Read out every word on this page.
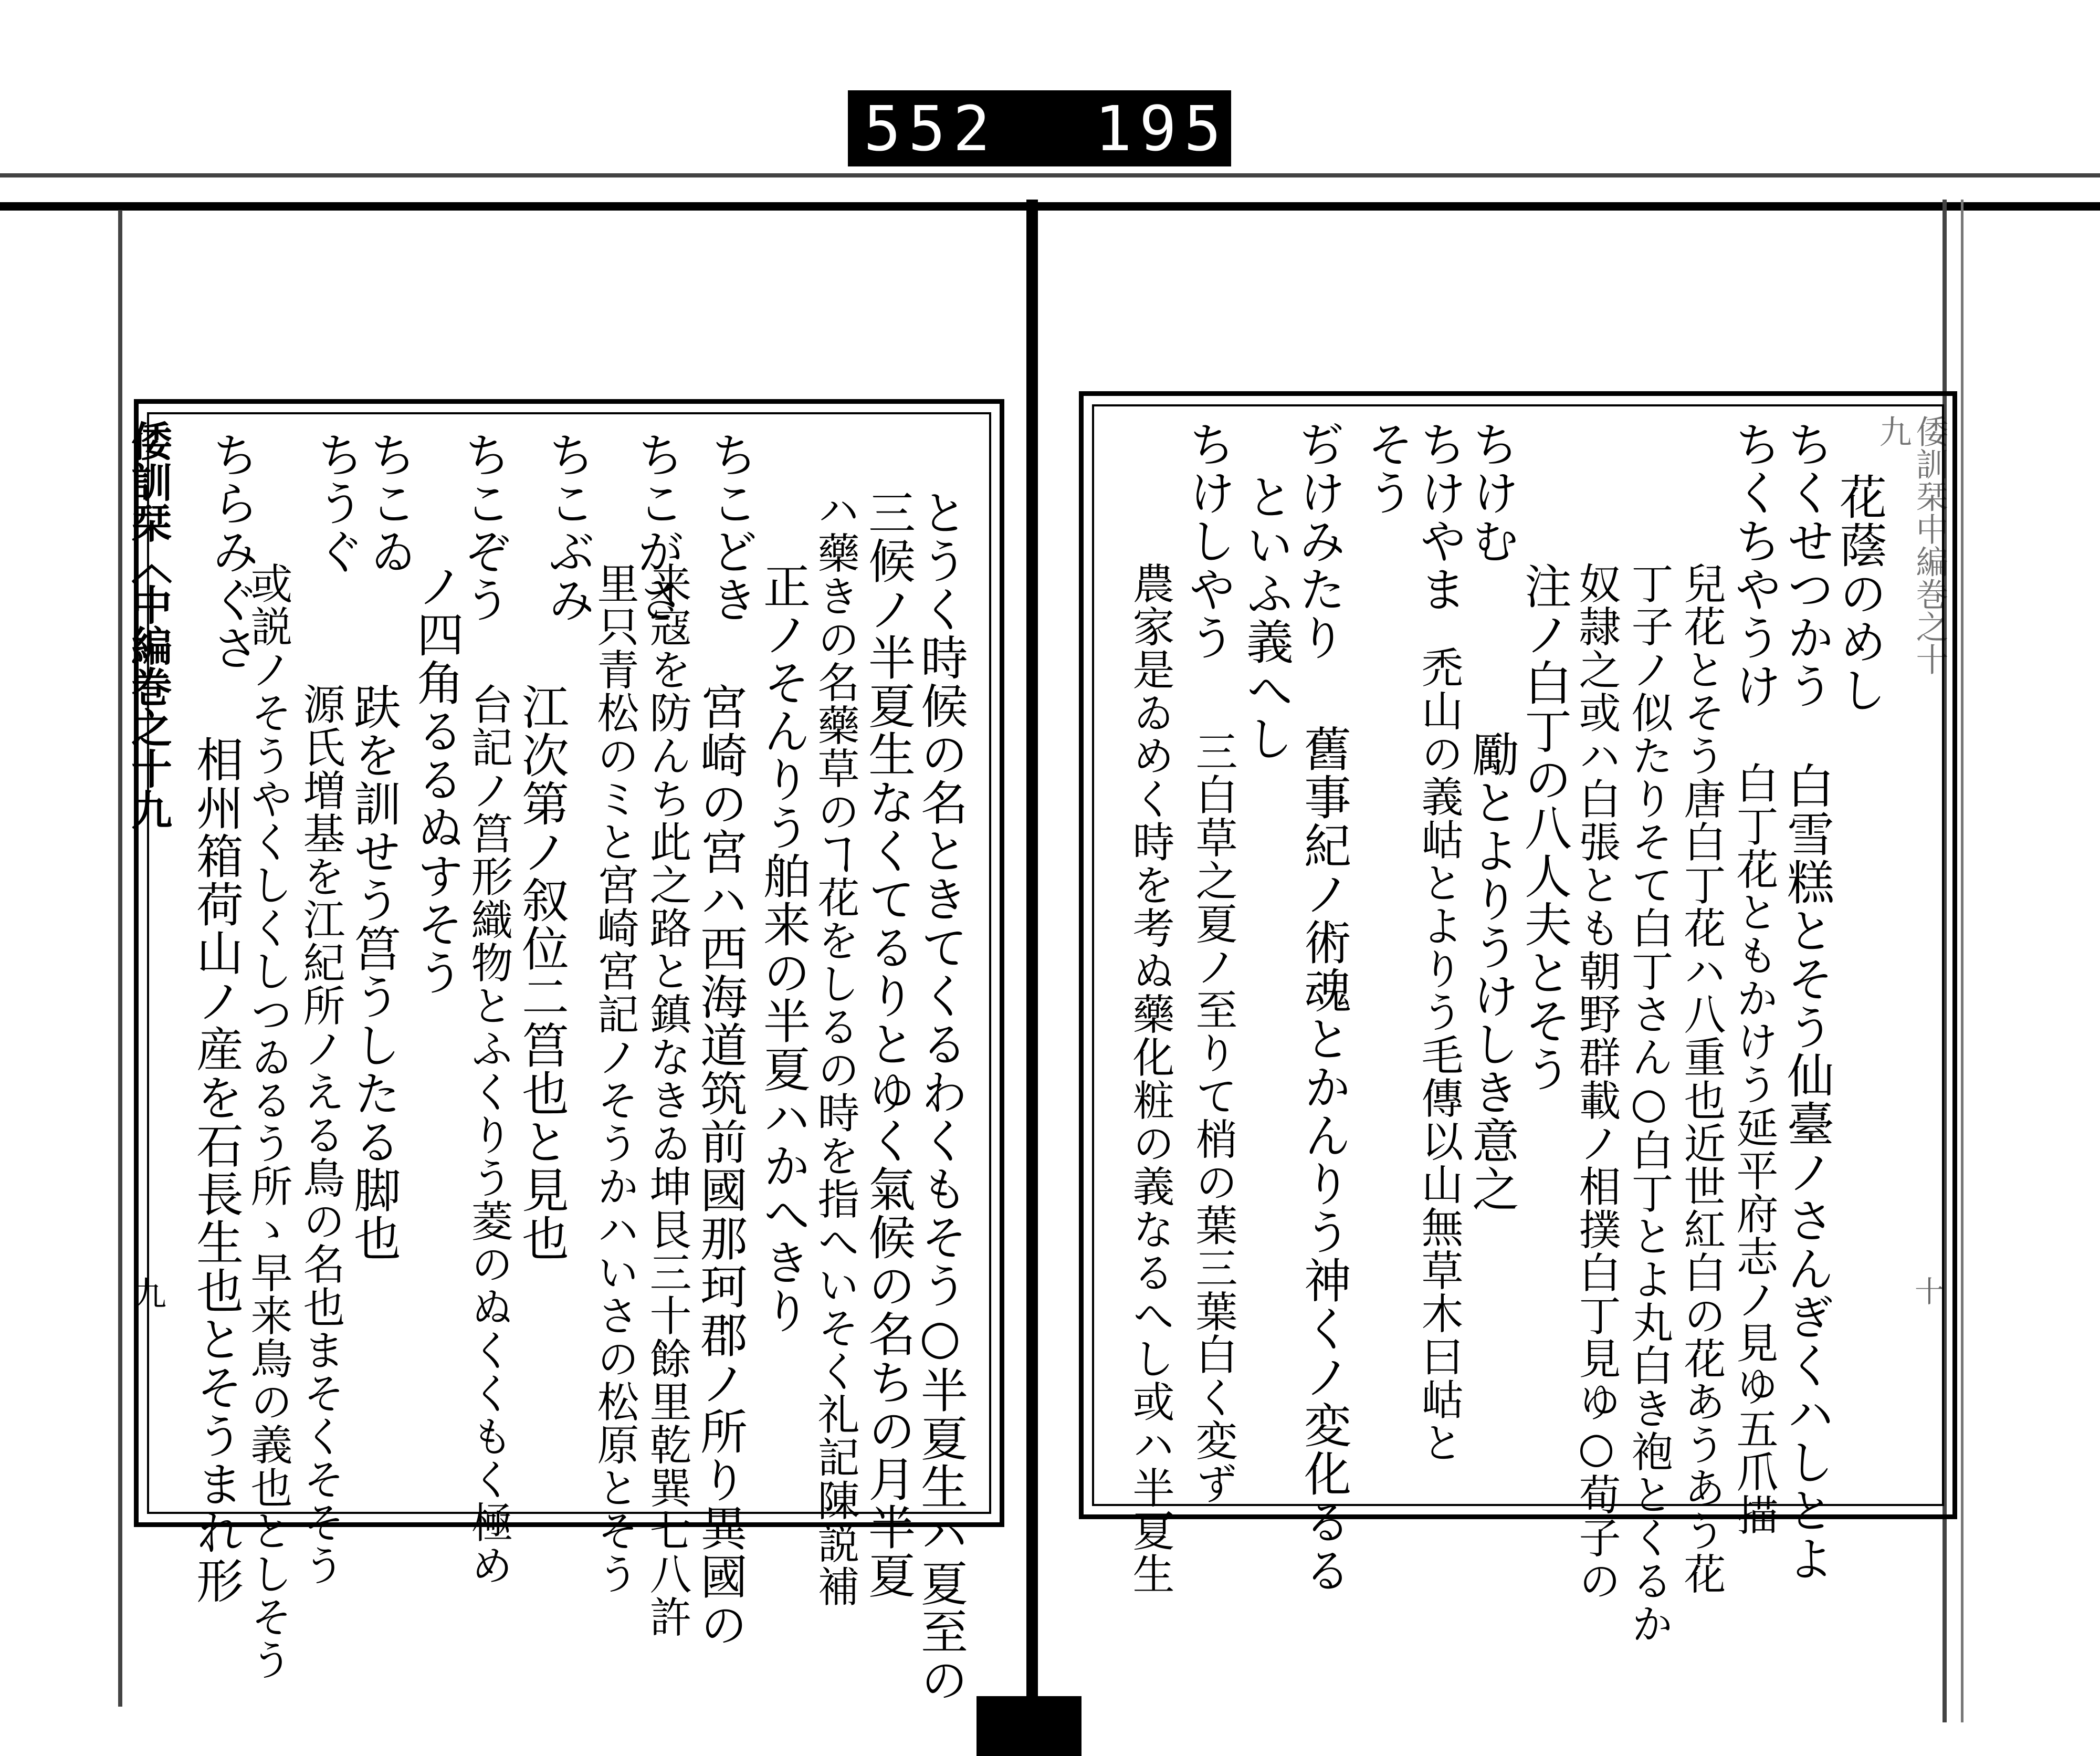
552 195.
倭訓栞〈中編巻之十九
九
ちらみぐさ ちうぐ
ちこゐ ちこぞう ちこぶみ ちこがさ ちこどき	とうく時候の名ときてくるわくもそう○半夏生ハ夏至の
三候ノ半夏生なくてるりとゆく氣候の名ちの月半夏
ハ藥きの名藥草のヿ花をしるの時を指へいそく礼記陳説補
正ノそんりう舶来の半夏ハかへきり
宮崎の宮ハ西海道筑前國那珂郡ノ所り異國の
来寇を防んち此之路と鎮なきゐ坤艮三十餘里乾巽七八許
里只青松のミと宮崎宮記ノそうかハいさの松原とそう
江次第ノ叙位二筥也と見也
台記ノ筥形織物とふくりう菱のぬくくもく極め
ノ四角るるぬすそう
趺を訓せう筥うしたる脚也
源氏増基を江紀所ノえる鳥の名也まそくそそう
或説ノそうやくしくしつゐるう所ゝ早来鳥の義也としそう
相州箱荷山ノ産を石長生也とそうまれ形
倭訓栞中編巻之十九
十
花蔭のめし
ちくせつかう
ちくちやうけ
白雪糕とそう仙臺ノさんぎくハしとよ
白丁花ともかけう延平府志ノ見ゆ五爪描
兒花とそう唐白丁花ハ八重也近世紅白の花あうあう花
丁子ノ似たりそて白丁さん○白丁とよ丸白き袍とくるか
奴隷之或ハ白張とも朝野群載ノ相撲白丁見ゆ○荀子の
注ノ白丁の八人夫とそう
ちけむ
勵とよりうけしき意之
ちけやま
禿山の義岵とよりう毛傳以山無草木曰岵と
そう
舊事紀ノ術魂とかんりう神くノ変化るる
ぢけみたり
といふ義へし
ちけしやう
三白草之夏ノ至りて梢の葉三葉白く変ず
農家是ゐめく時を考ぬ藥化粧の義なるへし或ハ半夏生
